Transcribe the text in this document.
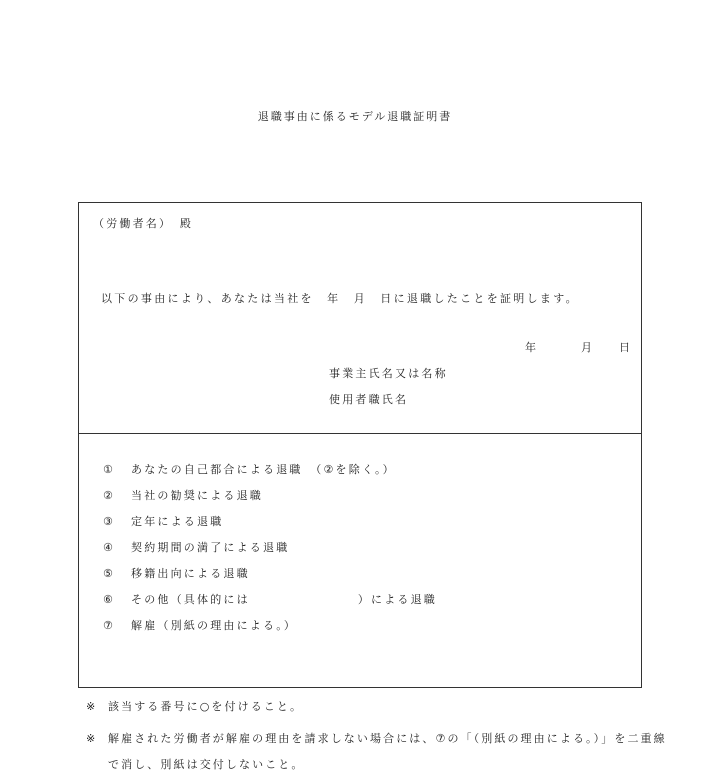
退職事由に係るモデル退職証明書
（労働者名）　殿
以下の事由により、あなたは当社を　年　月　日に退職したことを証明します。
年	月 日
事業主氏名又は名称
使用者職氏名
① あなたの自己都合による退職　（②を除く。）
② 当社の勧奨による退職
③ 定年による退職
④ 契約期間の満了による退職
⑤ 移籍出向による退職
⑥ その他（具体的には	）による退職
⑦ 解雇（別紙の理由による。）
※ 該当する番号に○を付けること。
※ 解雇された労働者が解雇の理由を請求しない場合には、⑦の「（別紙の理由による。）」を二重線で消し、別紙は交付しないこと。
